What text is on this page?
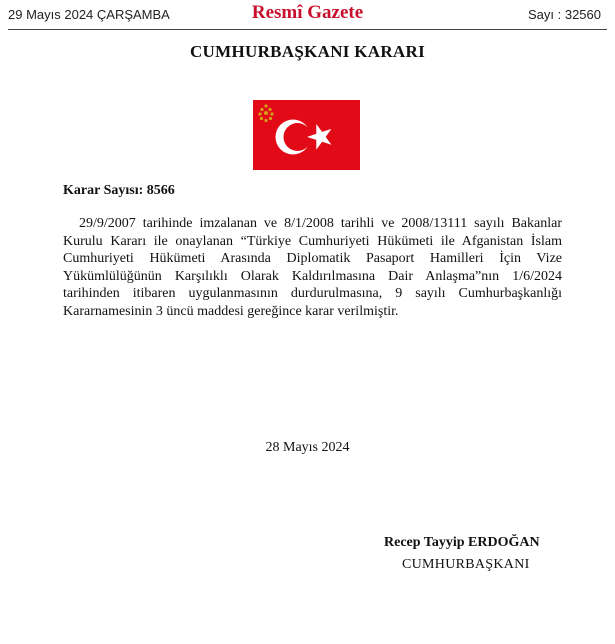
29 Mayıs 2024 ÇARŞAMBA	Resmî Gazete	Sayı : 32560
CUMHURBAŞKANI KARARI
Karar Sayısı: 8566

29/9/2007 tarihinde imzalanan ve 8/1/2008 tarihli ve 2008/13111 sayılı Bakanlar Kurulu Kararı ile onaylanan “Türkiye Cumhuriyeti Hükümeti ile Afganistan İslam Cumhuriyeti Hükümeti Arasında Diplomatik Pasaport Hamilleri İçin Vize Yükümlülüğünün Karşılıklı Olarak Kaldırılmasına Dair Anlaşma”nın 1/6/2024 tarihinden itibaren uygulanmasının durdurulmasına, 9 sayılı Cumhurbaşkanlığı Kararnamesinin 3 üncü maddesi gereğince karar verilmiştir.

28 Mayıs 2024
Recep Tayyip ERDOĞAN
CUMHURBAŞKANI
